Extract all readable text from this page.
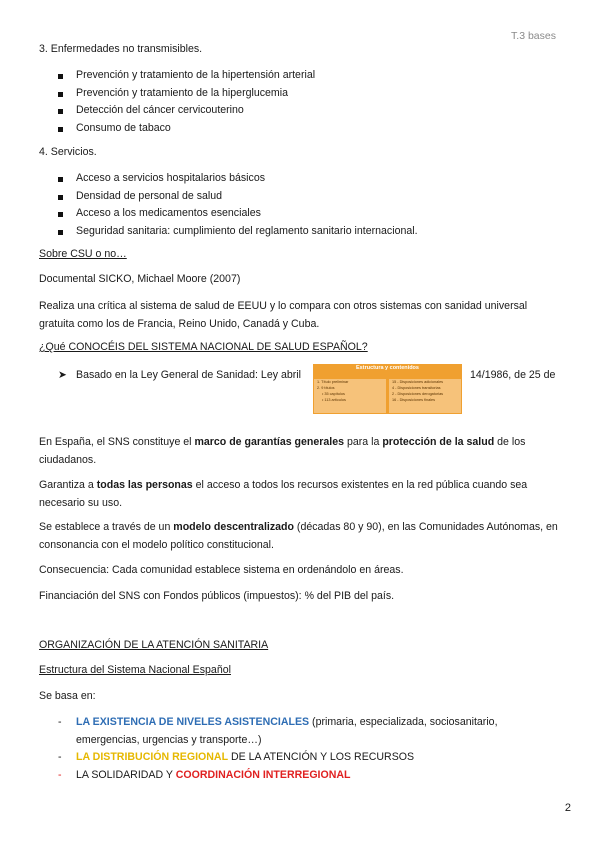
T.3 bases
3. Enfermedades no transmisibles.
Prevención y tratamiento de la hipertensión arterial
Prevención y tratamiento de la hiperglucemia
Detección del cáncer cervicouterino
Consumo de tabaco
4. Servicios.
Acceso a servicios hospitalarios básicos
Densidad de personal de salud
Acceso a los medicamentos esenciales
Seguridad sanitaria: cumplimiento del reglamento sanitario internacional.
Sobre CSU o no…
Documental SICKO, Michael Moore (2007)
Realiza una crítica al sistema de salud de EEUU y lo compara con otros sistemas con sanidad universal gratuita como los de Francia, Reino Unido, Canadá y Cuba.
¿Qué CONOCÉIS DEL SISTEMA NACIONAL DE SALUD ESPAÑOL?
➤ Basado en la Ley General de Sanidad: Ley abril	14/1986, de 25 de
Estructura y contenidos
1. Título preliminar
2. 9 títulos
• 35 capítulos
• 113 artículos
15 - Disposiciones adicionales
4 - Disposiciones transitorias
2 - Disposiciones derogatorias
16 - Disposiciones finales
En España, el SNS constituye el marco de garantías generales para la protección de la salud de los ciudadanos.
Garantiza a todas las personas el acceso a todos los recursos existentes en la red pública cuando sea necesario su uso.
Se establece a través de un modelo descentralizado (décadas 80 y 90), en las Comunidades Autónomas, en consonancia con el modelo político constitucional.
Consecuencia: Cada comunidad establece sistema en ordenándolo en áreas.
Financiación del SNS con Fondos públicos (impuestos): % del PIB del país.
ORGANIZACIÓN DE LA ATENCIÓN SANITARIA
Estructura del Sistema Nacional Español
Se basa en:
- LA EXISTENCIA DE NIVELES ASISTENCIALES (primaria, especializada, sociosanitario, emergencias, urgencias y transporte…)
- LA DISTRIBUCIÓN REGIONAL DE LA ATENCIÓN Y LOS RECURSOS
- LA SOLIDARIDAD Y COORDINACIÓN INTERREGIONAL
2
